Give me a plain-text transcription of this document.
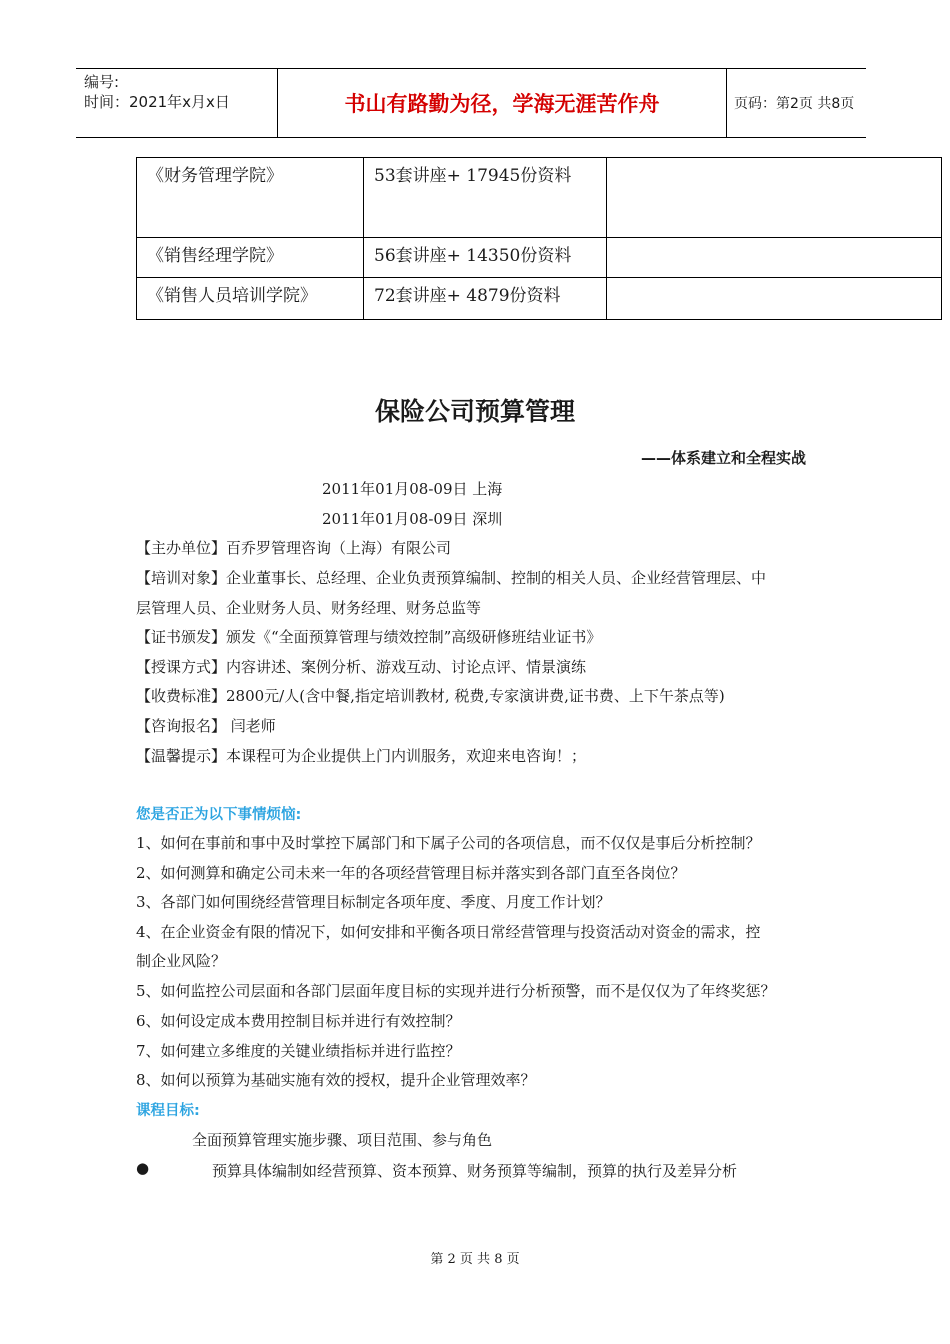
编号:
时间：2021年x月x日	书山有路勤为径，学海无涯苦作舟	页码：第2页 共8页
《财务管理学院》	53套讲座+ 17945份资料	
《销售经理学院》	56套讲座+ 14350份资料	
《销售人员培训学院》	72套讲座+ 4879份资料	
保险公司预算管理
——体系建立和全程实战
2011年01月08-09日 上海
2011年01月08-09日 深圳
【主办单位】百乔罗管理咨询（上海）有限公司
【培训对象】企业董事长、总经理、企业负责预算编制、控制的相关人员、企业经营管理层、中
层管理人员、企业财务人员、财务经理、财务总监等
【证书颁发】颁发《“全面预算管理与绩效控制”高级研修班结业证书》
【授课方式】内容讲述、案例分析、游戏互动、讨论点评、情景演练
【收费标准】2800元/人(含中餐,指定培训教材, 税费,专家演讲费,证书费、上下午茶点等)
【咨询报名】 闫老师
【温馨提示】本课程可为企业提供上门内训服务，欢迎来电咨询！；
您是否正为以下事情烦恼:
1、如何在事前和事中及时掌控下属部门和下属子公司的各项信息，而不仅仅是事后分析控制？
2、如何测算和确定公司未来一年的各项经营管理目标并落实到各部门直至各岗位？
3、各部门如何围绕经营管理目标制定各项年度、季度、月度工作计划？
4、在企业资金有限的情况下，如何安排和平衡各项日常经营管理与投资活动对资金的需求，控
制企业风险？
5、如何监控公司层面和各部门层面年度目标的实现并进行分析预警，而不是仅仅为了年终奖惩？
6、如何设定成本费用控制目标并进行有效控制？
7、如何建立多维度的关键业绩指标并进行监控？
8、如何以预算为基础实施有效的授权，提升企业管理效率？
课程目标:
全面预算管理实施步骤、项目范围、参与角色
●	预算具体编制如经营预算、资本预算、财务预算等编制，预算的执行及差异分析
第 2 页 共 8 页
